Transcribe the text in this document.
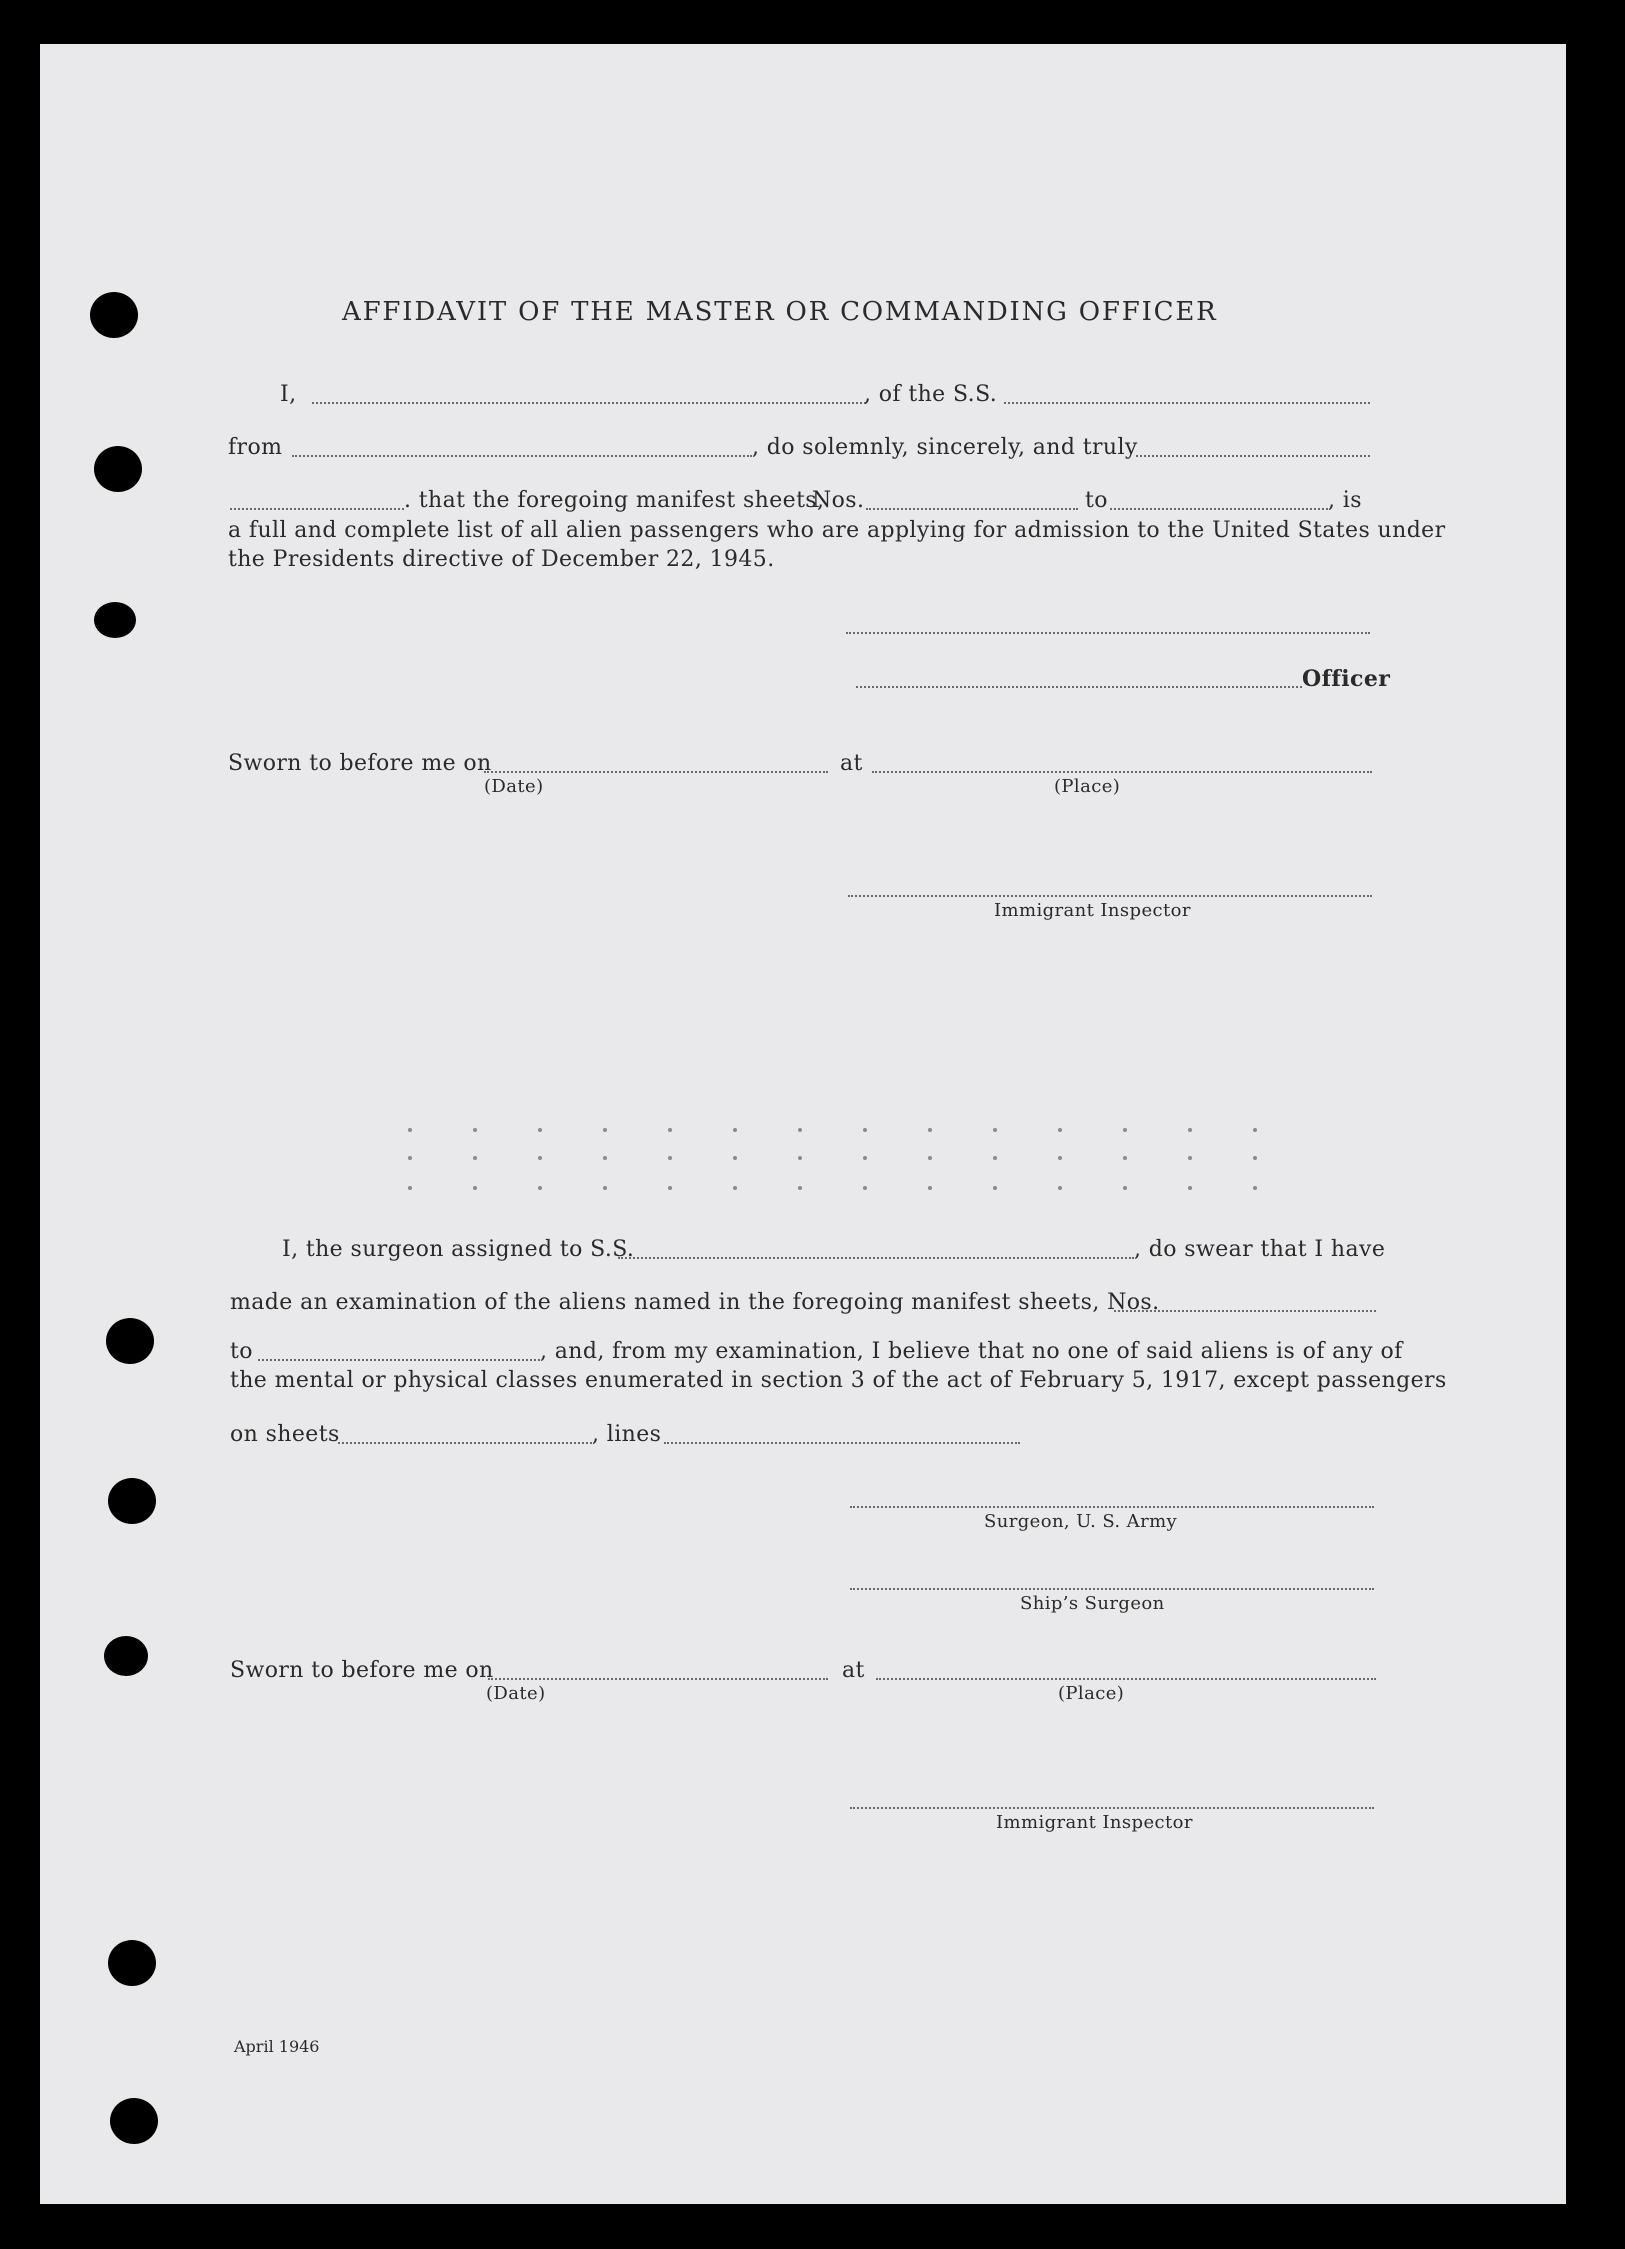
AFFIDAVIT OF THE MASTER OR COMMANDING OFFICER
I,	, of the S.S.
from	, do solemnly, sincerely, and truly
. that the foregoing manifest sheets,
Nos.	to	, is
a full and complete list of all alien passengers who are applying for admission to the United States under
the Presidents directive of December 22, 1945.
Officer
Sworn to before me on	at
(Date)	(Place)
Immigrant Inspector
I, the surgeon assigned to S.S.	, do swear that I have
made an examination of the aliens named in the foregoing manifest sheets, Nos.
to	, and, from my examination, I believe that no one of said aliens is of any of
the mental or physical classes enumerated in section 3 of the act of February 5, 1917, except passengers
on sheets	, lines
Surgeon, U. S. Army
Ship’s Surgeon
Sworn to before me on	at
(Date)	(Place)
Immigrant Inspector
April 1946
